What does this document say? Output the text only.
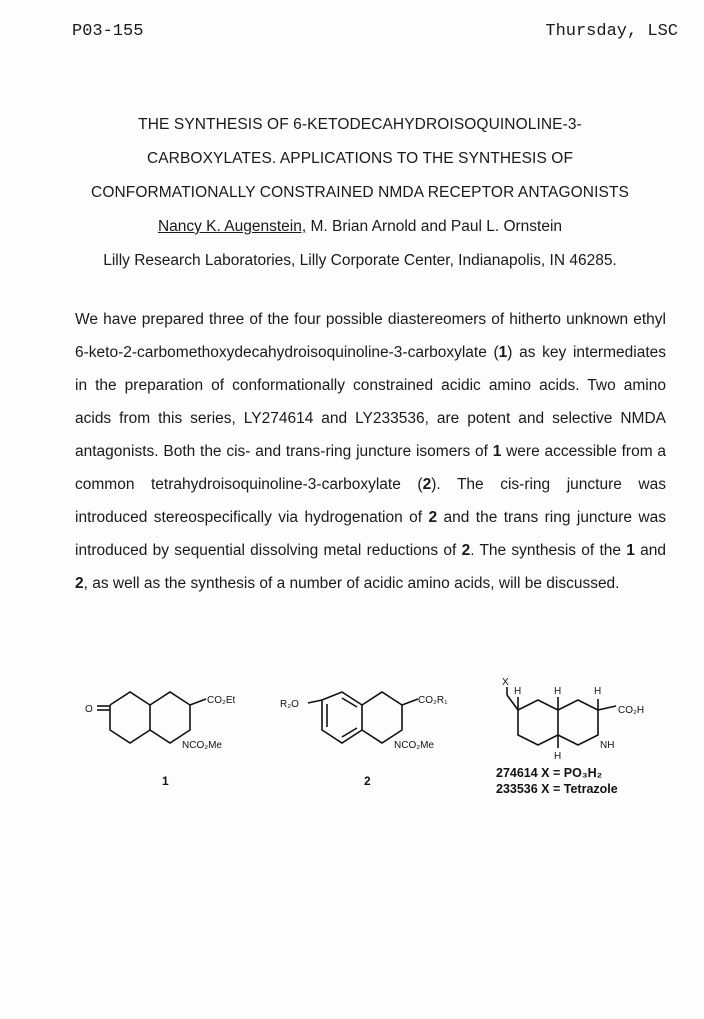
P03-155	Thursday, LSC
THE SYNTHESIS OF 6-KETODECAHYDROISOQUINOLINE-3-
CARBOXYLATES. APPLICATIONS TO THE SYNTHESIS OF
CONFORMATIONALLY CONSTRAINED NMDA RECEPTOR ANTAGONISTS
Nancy K. Augenstein, M. Brian Arnold and Paul L. Ornstein
Lilly Research Laboratories, Lilly Corporate Center, Indianapolis, IN 46285.

We have prepared three of the four possible diastereomers of hitherto unknown ethyl 6-keto-2-carbomethoxydecahydroisoquinoline-3-carboxylate (1) as key intermediates in the preparation of conformationally constrained acidic amino acids. Two amino acids from this series, LY274614 and LY233536, are potent and selective NMDA antagonists. Both the cis- and trans-ring juncture isomers of 1 were accessible from a common tetrahydroisoquinoline-3-carboxylate (2). The cis-ring juncture was introduced stereospecifically via hydrogenation of 2 and the trans ring juncture was introduced by sequential dissolving metal reductions of 2. The synthesis of the 1 and 2, as well as the synthesis of a number of acidic amino acids, will be discussed.

O
CO₂Et
NCO₂Me
1
R₂O	CO₂R₁
NCO₂Me
2
X
H	H	H
H
CO₂H
NH
274614 X = PO₃H₂
233536 X = Tetrazole
